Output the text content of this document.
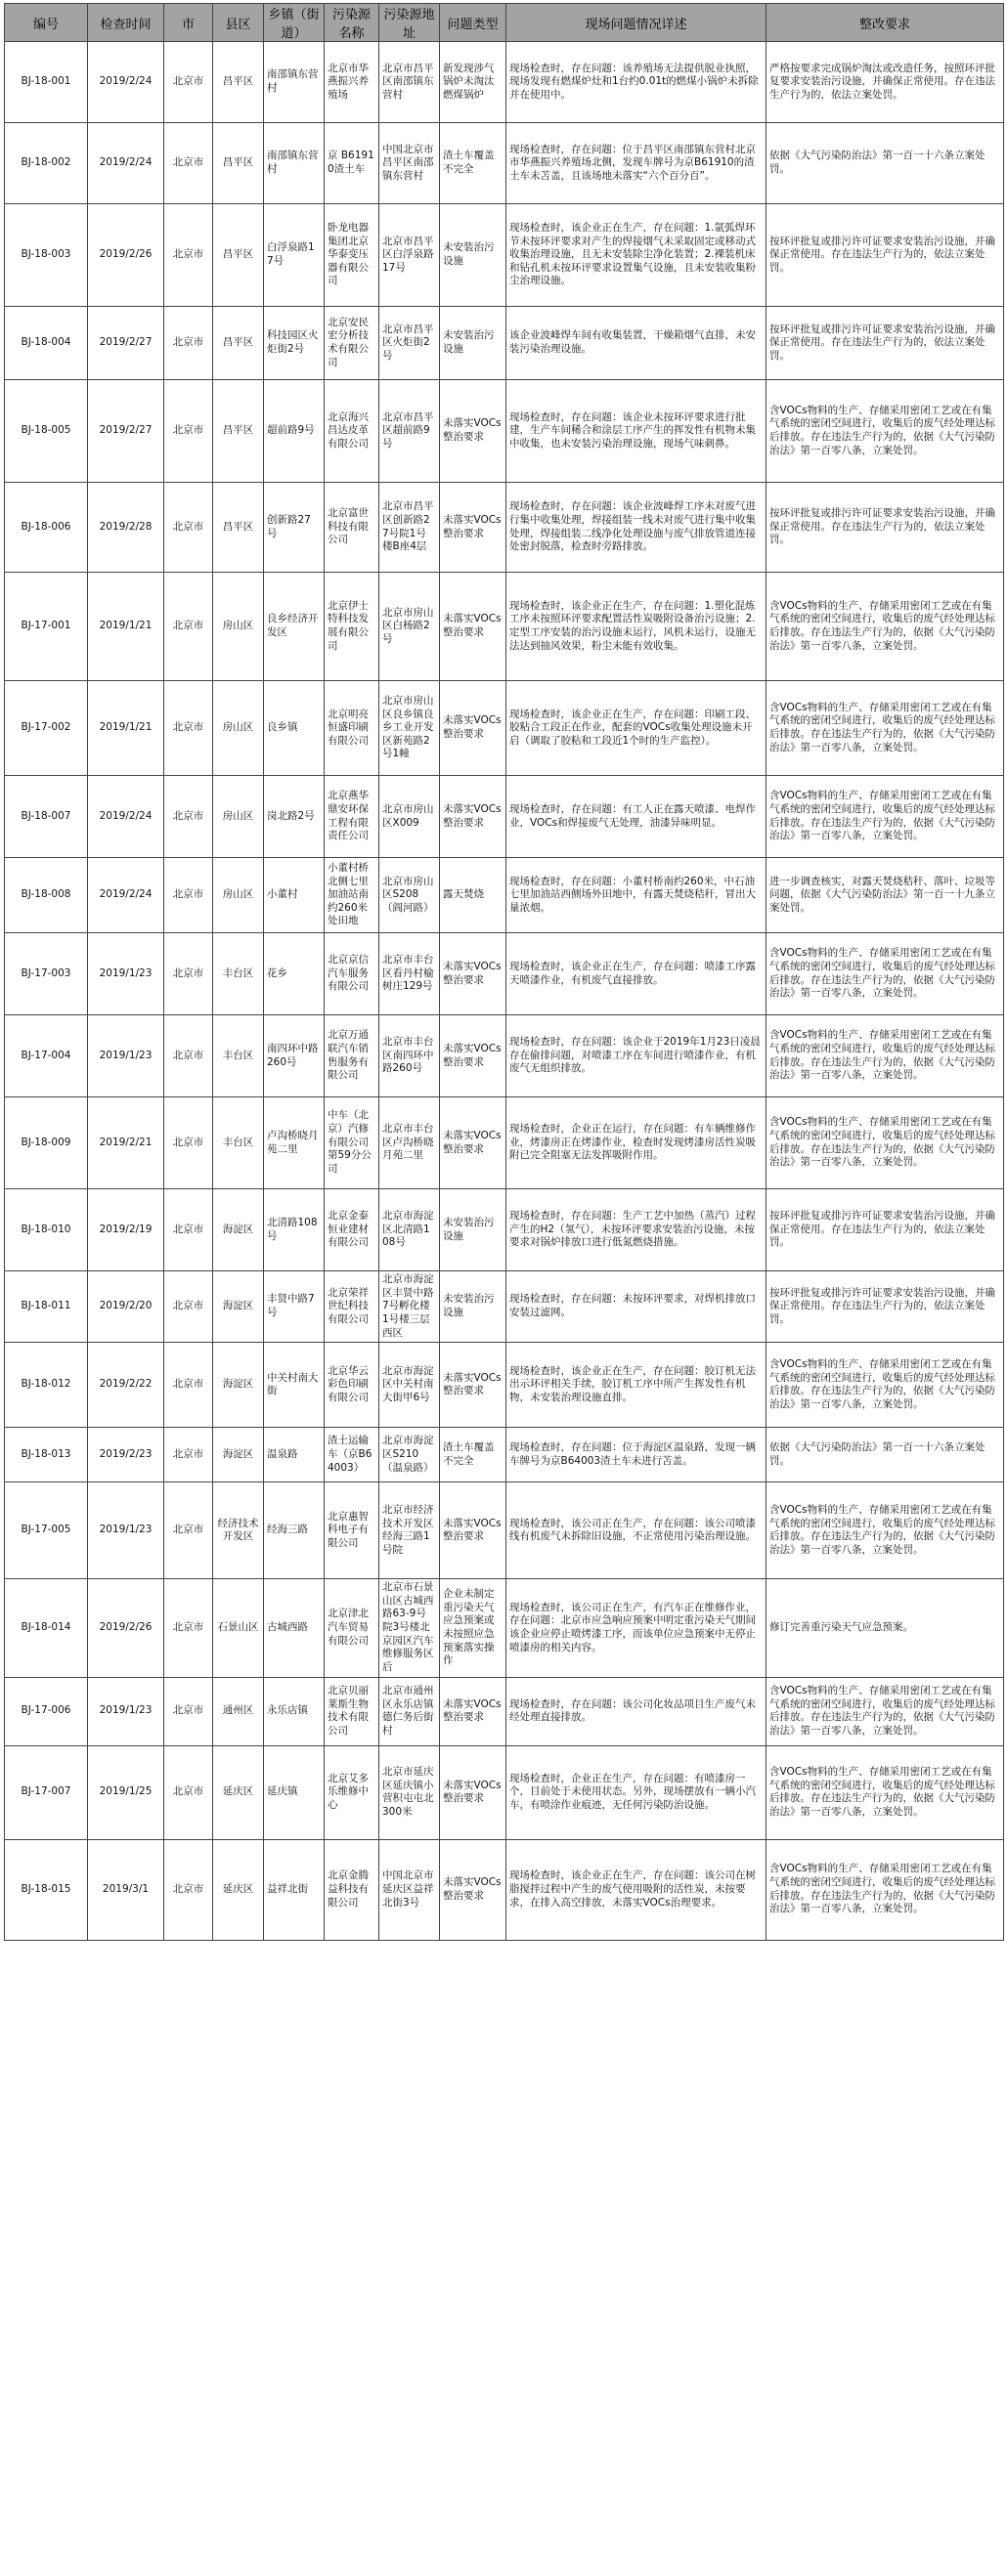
编号	检查时间	市	县区	乡镇（街道）	污染源名称	污染源地址	问题类型	现场问题情况详述	整改要求
BJ-18-001	2019/2/24	北京市	昌平区	南邵镇东营村	北京市华燕振兴养殖场	北京市昌平区南邵镇东营村	新发现涉气锅炉未淘汰燃煤锅炉	现场检查时，存在问题：该养殖场无法提供脱业执照，现场发现有燃煤炉灶和1台约0.01t的燃煤小锅炉未拆除并在使用中。	严格按要求完成锅炉淘汰或改造任务，按照环评批复要求安装治污设施，并确保正常使用。存在违法生产行为的，依法立案处罚。
BJ-18-002	2019/2/24	北京市	昌平区	南邵镇东营村	京 B61910渣土车	中国北京市昌平区南邵镇东营村	渣土车覆盖不完全	现场检查时，存在问题：位于昌平区南邵镇东营村北京市华燕振兴养殖场北侧，发现车牌号为京B61910的渣土车未苫盖，且该场地未落实“六个百分百”。	依据《大气污染防治法》第一百一十六条立案处罚。
BJ-18-003	2019/2/26	北京市	昌平区	白浮泉路17号	卧龙电器集团北京华泰变压器有限公司	北京市昌平区白浮泉路17号	未安装治污设施	现场检查时，该企业正在生产，存在问题：1.氩弧焊环节未按环评要求对产生的焊接烟气未采取固定或移动式收集治理设施，且无未安装除尘净化装置；2.裸装机床和钻孔机未按环评要求设置集气设施，且未安装收集粉尘治理设施。	按环评批复或排污许可证要求安装治污设施，并确保正常使用。存在违法生产行为的，依法立案处罚。
BJ-18-004	2019/2/27	北京市	昌平区	科技园区火炬街2号	北京安民宏分析技术有限公司	北京市昌平区火炬街2号	未安装治污设施	该企业波峰焊车间有收集装置，干燥箱烟气直排，未安装污染治理设施。	按环评批复或排污许可证要求安装治污设施，并确保正常使用。存在违法生产行为的，依法立案处罚。
BJ-18-005	2019/2/27	北京市	昌平区	超前路9号	北京海兴昌达皮革有限公司	北京市昌平区超前路9号	未落实VOCs整治要求	现场检查时，存在问题：该企业未按环评要求进行批建，生产车间稀合和涂层工序产生的挥发性有机物未集中收集，也未安装污染治理设施，现场气味刺鼻。	含VOCs物料的生产、存储采用密闭工艺或在有集气系统的密闭空间进行，收集后的废气经处理达标后排放。存在违法生产行为的，依据《大气污染防治法》第一百零八条，立案处罚。
BJ-18-006	2019/2/28	北京市	昌平区	创新路27号	北京富世科技有限公司	北京市昌平区创新路27号院1号楼B座4层	未落实VOCs整治要求	现场检查时，存在问题：该企业波峰焊工序未对废气进行集中收集处理，焊接组装一线未对废气进行集中收集处理，焊接组装二线净化处理设施与废气排放管道连接处密封脱落，检查时旁路排放。	按环评批复或排污许可证要求安装治污设施，并确保正常使用。存在违法生产行为的，依法立案处罚。
BJ-17-001	2019/1/21	北京市	房山区	良乡经济开发区	北京伊士特科技发展有限公司	北京市房山区白杨路2号	未落实VOCs整治要求	现场检查时，该企业正在生产，存在问题：1.塑化混炼工序未按照环评要求配置活性炭吸附设备治污设施；2.定型工序安装的治污设施未运行，风机未运行，设施无法达到抽风效果，粉尘未能有效收集。	含VOCs物料的生产、存储采用密闭工艺或在有集气系统的密闭空间进行，收集后的废气经处理达标后排放。存在违法生产行为的，依据《大气污染防治法》第一百零八条，立案处罚。
BJ-17-002	2019/1/21	北京市	房山区	良乡镇	北京明亮恒盛印刷有限公司	北京市房山区良乡镇良乡工业开发区新苑路2号1幢	未落实VOCs整治要求	现场检查时，该企业正在生产，存在问题：印刷工段、胶粘合工段正在作业，配套的VOCs收集处理设施未开启（调取了胶粘和工段近1个时的生产监控）。	含VOCs物料的生产、存储采用密闭工艺或在有集气系统的密闭空间进行，收集后的废气经处理达标后排放。存在违法生产行为的，依据《大气污染防治法》第一百零八条，立案处罚。
BJ-18-007	2019/2/24	北京市	房山区	岗北路2号	北京燕华鼎安环保工程有限责任公司	北京市房山区X009	未落实VOCs整治要求	现场检查时，存在问题：有工人正在露天喷漆、电焊作业，VOCs和焊接废气无处理，油漆异味明显。	含VOCs物料的生产、存储采用密闭工艺或在有集气系统的密闭空间进行，收集后的废气经处理达标后排放。存在违法生产行为的，依据《大气污染防治法》第一百零八条，立案处罚。
BJ-18-008	2019/2/24	北京市	房山区	小董村	小董村桥北侧七里加油站南约260米处田地	北京市房山区S208（阎河路）	露天焚烧	现场检查时，存在问题：小董村桥南约260米，中石油七里加油站西侧场外田地中，有露天焚烧秸秆，冒出大量浓烟。	进一步调查核实，对露天焚烧秸秆、落叶、垃圾等问题，依据《大气污染防治法》第一百一十九条立案处罚。
BJ-17-003	2019/1/23	北京市	丰台区	花乡	北京京信汽车服务有限公司	北京市丰台区看丹村榆树庄129号	未落实VOCs整治要求	现场检查时，该企业正在生产，存在问题：喷漆工序露天喷漆作业，有机废气直接排放。	含VOCs物料的生产、存储采用密闭工艺或在有集气系统的密闭空间进行，收集后的废气经处理达标后排放。存在违法生产行为的，依据《大气污染防治法》第一百零八条，立案处罚。
BJ-17-004	2019/1/23	北京市	丰台区	南四环中路260号	北京万通联汽车销售服务有限公司	北京市丰台区南四环中路260号	未落实VOCs整治要求	现场检查时，存在问题：该企业于2019年1月23日凌晨存在偷排问题，对喷漆工序在车间进行喷漆作业，有机废气无组织排放。	含VOCs物料的生产、存储采用密闭工艺或在有集气系统的密闭空间进行，收集后的废气经处理达标后排放。存在违法生产行为的，依据《大气污染防治法》第一百零八条，立案处罚。
BJ-18-009	2019/2/21	北京市	丰台区	卢沟桥晓月苑二里	中车（北京）汽修有限公司第59分公司	北京市丰台区卢沟桥晓月苑二里	未落实VOCs整治要求	现场检查时，企业正在运行，存在问题：有车辆维修作业，烤漆房正在烤漆作业，检查时发现烤漆房活性炭吸附已完全阻塞无法发挥吸附作用。	含VOCs物料的生产、存储采用密闭工艺或在有集气系统的密闭空间进行，收集后的废气经处理达标后排放。存在违法生产行为的，依据《大气污染防治法》第一百零八条，立案处罚。
BJ-18-010	2019/2/19	北京市	海淀区	北清路108号	北京金泰恒业建材有限公司	北京市海淀区北清路108号	未安装治污设施	现场检查时，存在问题：生产工艺中加热（蒸汽）过程产生的H2（氢气），未按环评要求安装治污设施，未按要求对锅炉排放口进行低氮燃烧措施。	按环评批复或排污许可证要求安装治污设施，并确保正常使用。存在违法生产行为的，依法立案处罚。
BJ-18-011	2019/2/20	北京市	海淀区	丰贤中路7号	北京荣祥世纪科技有限公司	北京市海淀区丰贤中路7号孵化楼1号楼三层西区	未安装治污设施	现场检查时，存在问题：未按环评要求，对焊机排放口安装过滤网。	按环评批复或排污许可证要求安装治污设施，并确保正常使用。存在违法生产行为的，依法立案处罚。
BJ-18-012	2019/2/22	北京市	海淀区	中关村南大街	北京华云彩色印刷有限公司	北京市海淀区中关村南大街甲6号	未落实VOCs整治要求	现场检查时，该企业正在生产，存在问题：胶订机无法出示环评相关手续，胶订机工序中所产生挥发性有机物，未安装治理设施直排。	含VOCs物料的生产、存储采用密闭工艺或在有集气系统的密闭空间进行，收集后的废气经处理达标后排放。存在违法生产行为的，依据《大气污染防治法》第一百零八条，立案处罚。
BJ-18-013	2019/2/23	北京市	海淀区	温泉路	渣土运输车（京B64003）	北京市海淀区S210（温泉路）	渣土车覆盖不完全	现场检查时，存在问题：位于海淀区温泉路，发现一辆车牌号为京B64003渣土车未进行苫盖。	依据《大气污染防治法》第一百一十六条立案处罚。
BJ-17-005	2019/1/23	北京市	经济技术开发区	经海三路	北京惠智科电子有限公司	北京市经济技术开发区经海三路1号院	未落实VOCs整治要求	现场检查时，该公司正在生产，存在问题：该公司喷漆线有机废气未拆除旧设施，不正常使用污染治理设施。	含VOCs物料的生产、存储采用密闭工艺或在有集气系统的密闭空间进行，收集后的废气经处理达标后排放。存在违法生产行为的，依据《大气污染防治法》第一百零八条，立案处罚。
BJ-18-014	2019/2/26	北京市	石景山区	古城西路	北京津北汽车贸易有限公司	北京市石景山区古城西路63-9号院3号楼北京园区汽车维修服务区后	企业未制定重污染天气应急预案或未按照应急预案落实操作	现场检查时，该公司正在生产，有汽车正在维修作业，存在问题：北京市应急响应预案中明定重污染天气期间该企业应停止喷烤漆工序，而该单位应急预案中无停止喷漆房的相关内容。	修订完善重污染天气应急预案。
BJ-17-006	2019/1/23	北京市	通州区	永乐店镇	北京贝丽莱斯生物技术有限公司	北京市通州区永乐店镇德仁务后街村	未落实VOCs整治要求	现场检查时，存在问题：该公司化妆品项目生产废气未经处理直接排放。	含VOCs物料的生产、存储采用密闭工艺或在有集气系统的密闭空间进行，收集后的废气经处理达标后排放。存在违法生产行为的，依据《大气污染防治法》第一百零八条，立案处罚。
BJ-17-007	2019/1/25	北京市	延庆区	延庆镇	北京艾多乐维修中心	北京市延庆区延庆镇小营积屯屯北300米	未落实VOCs整治要求	现场检查时，企业正在生产，存在问题：有喷漆房一个，目前处于未使用状态。另外，现场摆放有一辆小汽车，有喷涂作业痕迹，无任何污染防治设施。	含VOCs物料的生产、存储采用密闭工艺或在有集气系统的密闭空间进行，收集后的废气经处理达标后排放。存在违法生产行为的，依据《大气污染防治法》第一百零八条，立案处罚。
BJ-18-015	2019/3/1	北京市	延庆区	益祥北街	北京金腾益科技有限公司	中国北京市延庆区益祥北街3号	未落实VOCs整治要求	现场检查时，该企业正在生产，存在问题：该公司在树脂搅拌过程中产生的废气使用吸附的活性炭，未按要求，在排入高空排放，未落实VOCs治理要求。	含VOCs物料的生产、存储采用密闭工艺或在有集气系统的密闭空间进行，收集后的废气经处理达标后排放。存在违法生产行为的，依据《大气污染防治法》第一百零八条，立案处罚。
